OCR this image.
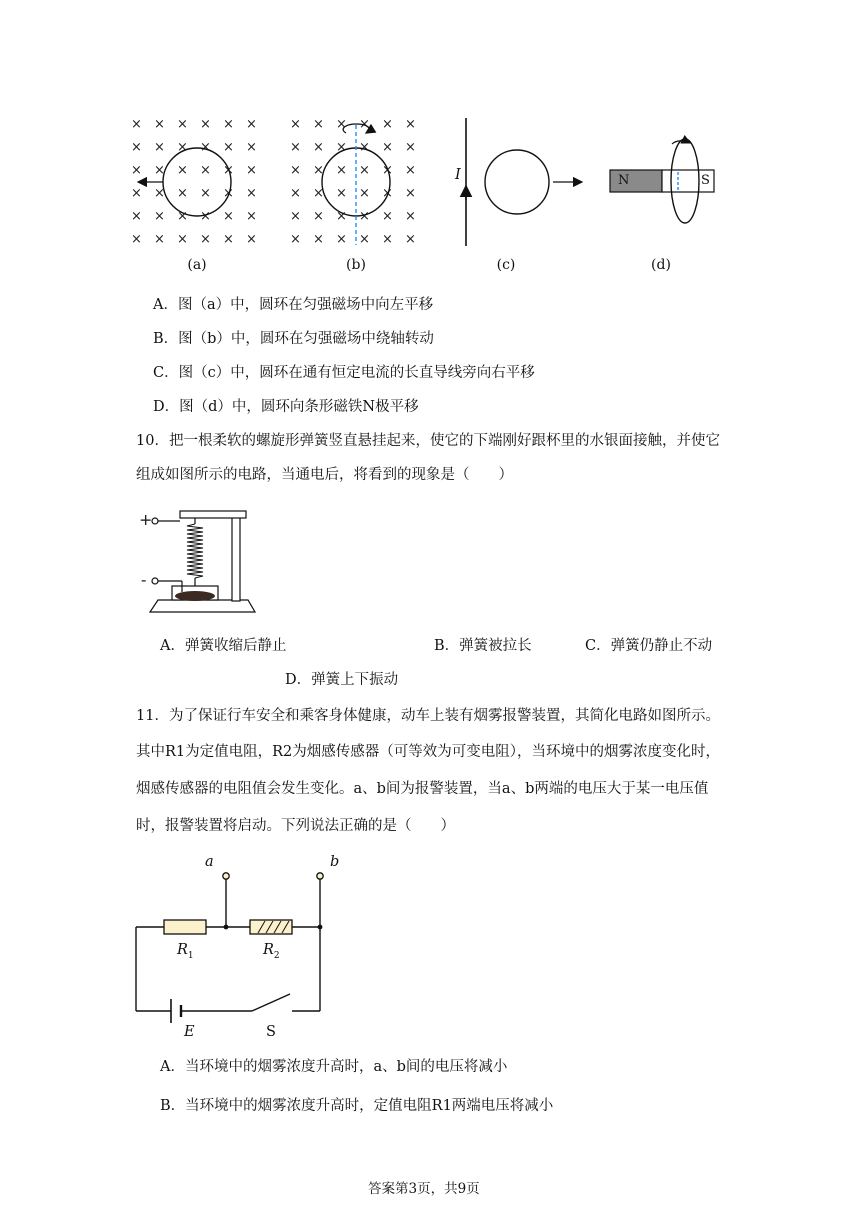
× × × × × ×
× × × × × ×
× × × × × ×
× × × × × ×
× × × × × ×
× × × × × ×
× × × × × ×
× × × × × ×
× × × × × ×
× × × × × ×
× × × × × ×
× × × × × ×
I	N	S
(a)	(b)	(c)	(d)
A．图（a）中，圆环在匀强磁场中向左平移
B．图（b）中，圆环在匀强磁场中绕轴转动
C．图（c）中，圆环在通有恒定电流的长直导线旁向右平移
D．图（d）中，圆环向条形磁铁N极平移
10．把一根柔软的螺旋形弹簧竖直悬挂起来，使它的下端刚好跟杯里的水银面接触，并使它
组成如图所示的电路，当通电后，将看到的现象是（　　）
+
-
A．弹簧收缩后静止	B．弹簧被拉长	C．弹簧仍静止不动
D．弹簧上下振动
11．为了保证行车安全和乘客身体健康，动车上装有烟雾报警装置，其简化电路如图所示。
其中R1为定值电阻，R2为烟感传感器（可等效为可变电阻），当环境中的烟雾浓度变化时，
烟感传感器的电阻值会发生变化。a、b间为报警装置，当a、b两端的电压大于某一电压值
时，报警装置将启动。下列说法正确的是（　　）
a	b
$R_1$	$R_2$
E	S
A．当环境中的烟雾浓度升高时，a、b间的电压将减小
B．当环境中的烟雾浓度升高时，定值电阻R1两端电压将减小
答案第3页，共9页
